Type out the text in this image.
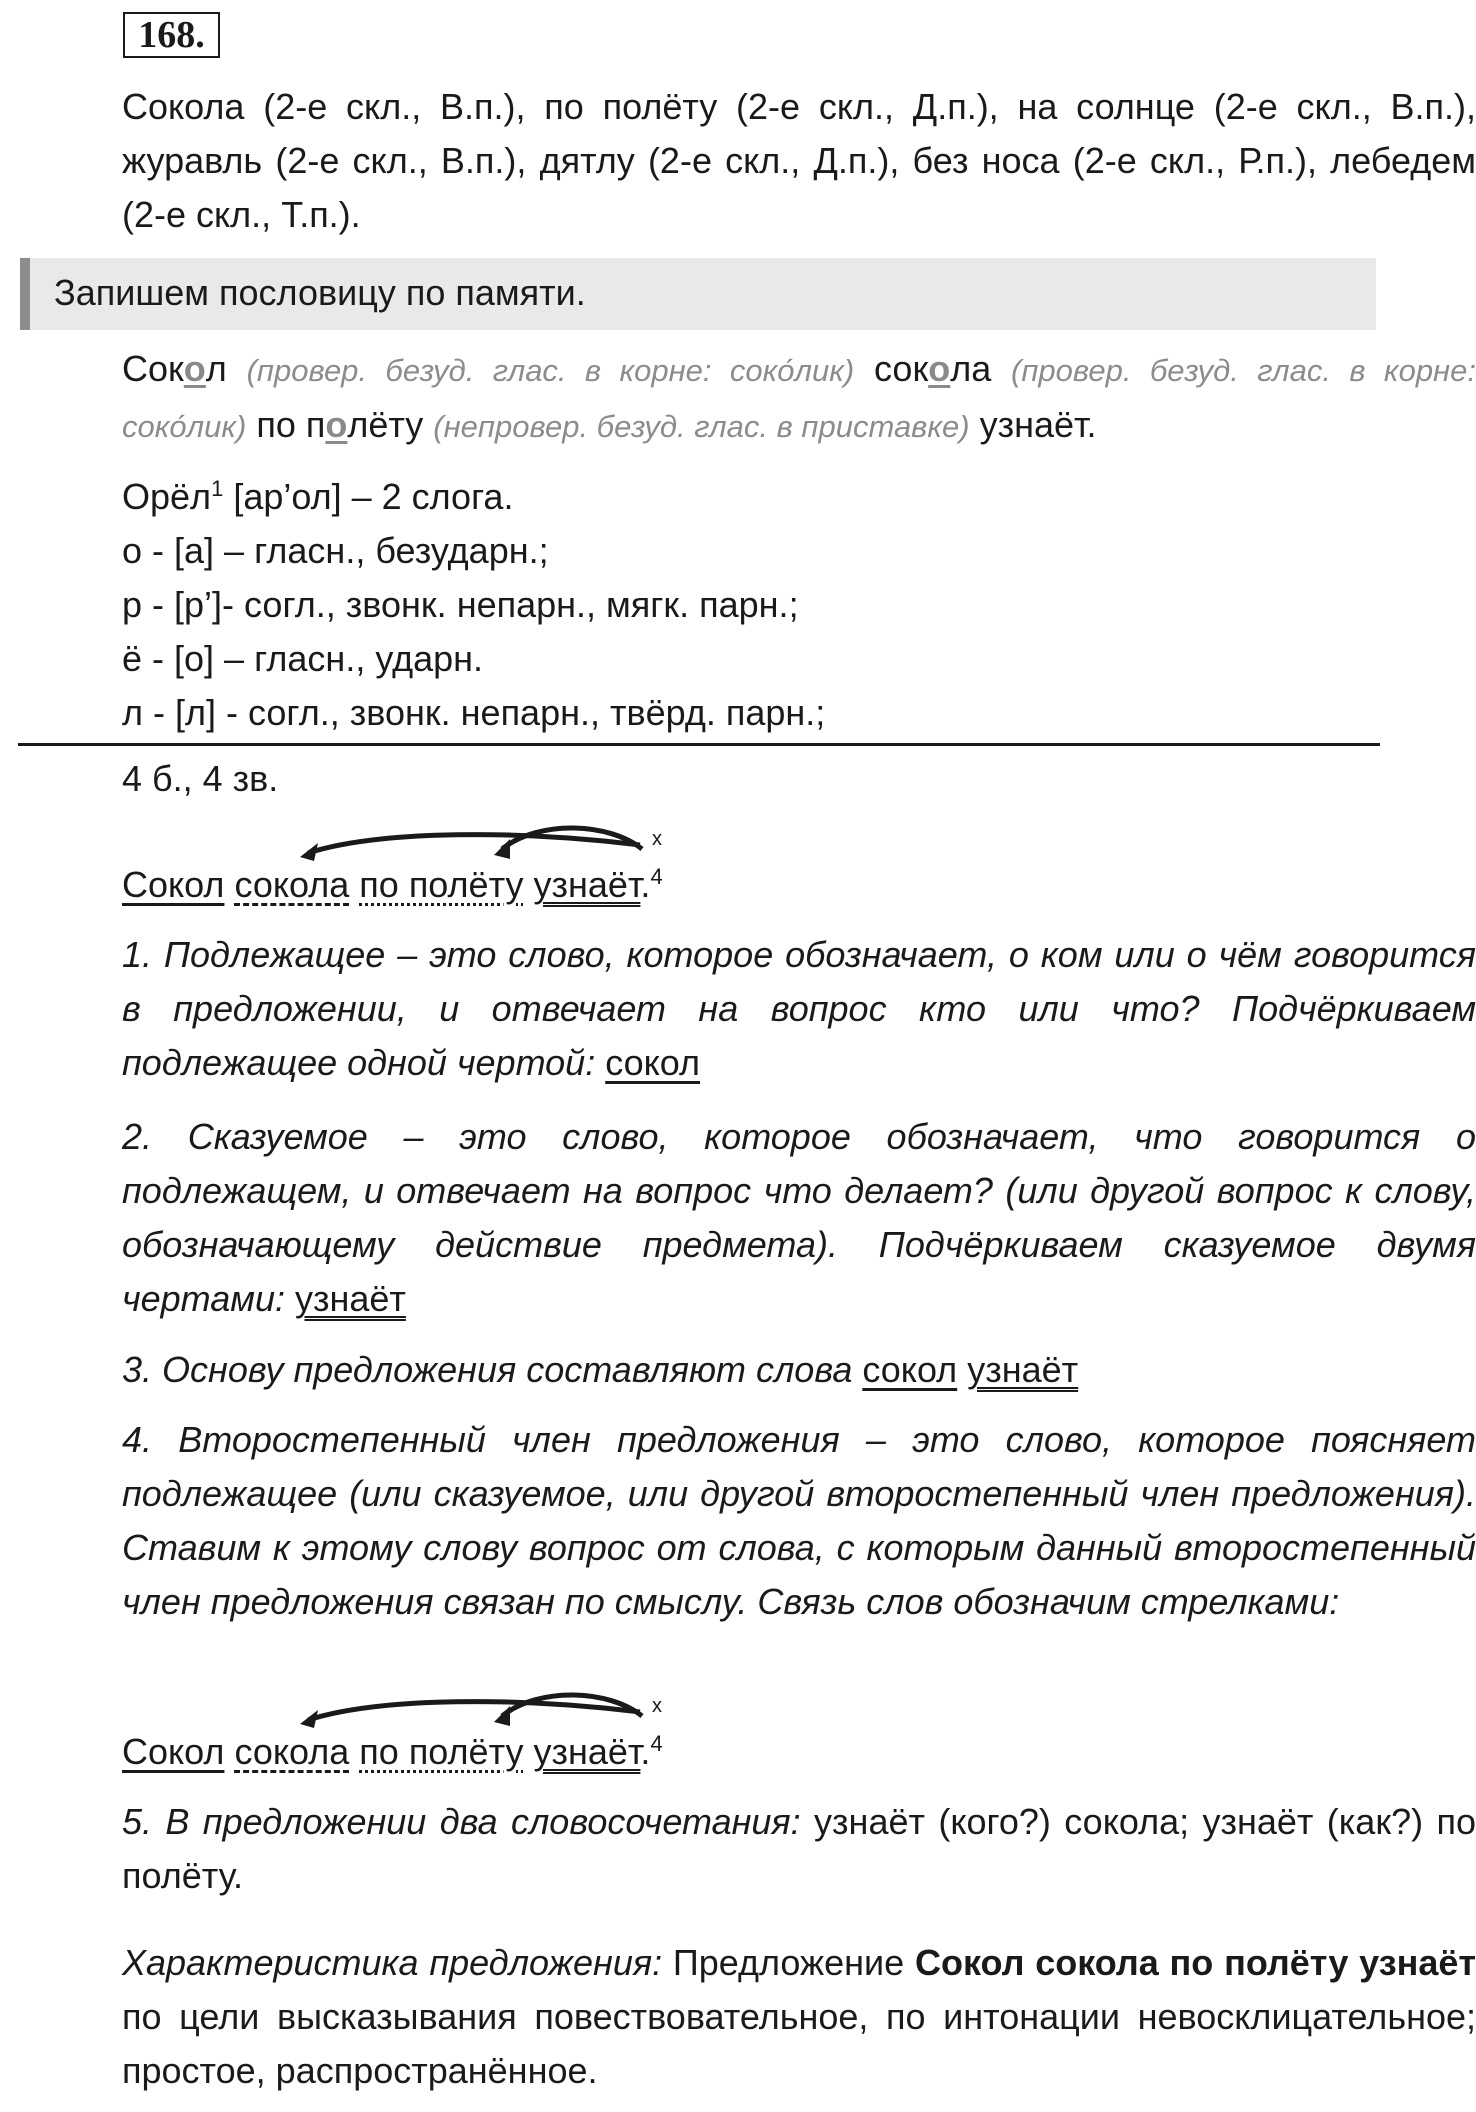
168.
Сокола (2-е скл., В.п.), по полёту (2-е скл., Д.п.), на солнце (2-е скл., В.п.), журавль (2-е скл., В.п.), дятлу (2-е скл., Д.п.), без носа (2-е скл., Р.п.), лебедем (2-е скл., Т.п.).
Запишем пословицу по памяти.
Сокол (провер. безуд. глас. в корне: соко́лик) сокола (провер. безуд. глас. в корне: соко́лик) по полёту (непровер. безуд. глас. в приставке) узнаёт.
Орёл$^1$ [ар’ол] – 2 слога.
о - [а] – гласн., безударн.;
р - [р’]- согл., звонк. непарн., мягк. парн.;
ё - [о] – гласн., ударн.
л - [л] - согл., звонк. непарн., твёрд. парн.;
4 б., 4 зв.
х
Сокол сокола по полёту узнаёт.$^4$
1. Подлежащее – это слово, которое обозначает, о ком или о чём говорится в предложении, и отвечает на вопрос кто или что? Подчёркиваем подлежащее одной чертой: сокол
2. Сказуемое – это слово, которое обозначает, что говорится о подлежащем, и отвечает на вопрос что делает? (или другой вопрос к слову, обозначающему действие предмета). Подчёркиваем сказуемое двумя чертами: узнаёт
3. Основу предложения составляют слова сокол узнаёт
4. Второстепенный член предложения – это слово, которое поясняет подлежащее (или сказуемое, или другой второстепенный член предложения). Ставим к этому слову вопрос от слова, с которым данный второстепенный член предложения связан по смыслу. Связь слов обозначим стрелками:
х
Сокол сокола по полёту узнаёт.$^4$
5. В предложении два словосочетания: узнаёт (кого?) сокола; узнаёт (как?) по полёту.
Характеристика предложения: Предложение Сокол сокола по полёту узнаёт по цели высказывания повествовательное, по интонации невосклицательное; простое, распространённое.
